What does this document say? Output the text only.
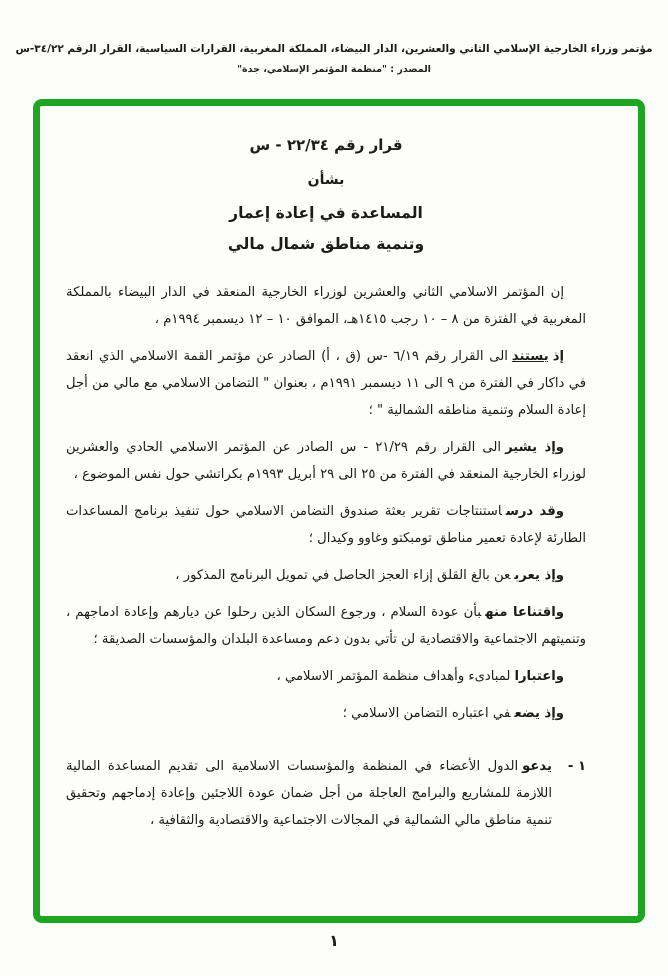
مؤتمر وزراء الخارجية الإسلامي الثاني والعشرين، الدار البيضاء، المملكة المغربية، القرارات السياسية، القرار الرقم ٣٤/٢٢-س
المصدر : "منظمة المؤتمر الإسلامي، جدة"
قرار رقم ٢٢/٣٤ - س
بشأن
المساعدة في إعادة إعمار
وتنمية مناطق شمال مالي

إن المؤتمر الاسلامي الثاني والعشرين لوزراء الخارجية المنعقد في الدار البيضاء بالمملكة المغربية في الفترة من ٨ – ١٠ رجب ١٤١٥هـ، الموافق ١٠ – ١٢ ديسمبر ١٩٩٤م ،

إذيستندالى القرار رقم ٦/١٩ -س (ق ، أ) الصادر عن مؤتمر القمة الاسلامي الذي انعقد في داكار في الفترة من ٩ الى ١١ ديسمبر ١٩٩١م ، بعنوان " التضامن الاسلامي مع مالي من أجل إعادة السلام وتنمية مناطقه الشمالية " ؛

وإذ يشيرالى القرار رقم ٢١/٢٩ - س الصادر عن المؤتمر الاسلامي الحادي والعشرين لوزراء الخارجية المنعقد في الفترة من ٢٥ الى ٢٩ أبريل ١٩٩٣م بكراتشي حول نفس الموضوع ،

وقد درساستنتاجات تقرير بعثة صندوق التضامن الاسلامي حول تنفيذ برنامج المساعدات الطارئة لإعادة تعمير مناطق تومبكتو وغاوو وكيدال ؛

وإذ يعربعن بالغ القلق إزاء العجز الحاصل في تمويل البرنامج المذكور ،

واقتناعا منهبأن عودة السلام ، ورجوع السكان الذين رحلوا عن ديارهم وإعادة ادماجهم ، وتنميتهم الاجتماعية والاقتصادية لن تأتي بدون دعم ومساعدة البلدان والمؤسسات الصديقة ؛

واعتبارالمبادىء وأهداف منظمة المؤتمر الاسلامي ،

وإذ يضعفي اعتباره التضامن الاسلامي ؛

١ -
يدعوالدول الأعضاء في المنظمة والمؤسسات الاسلامية الى تقديم المساعدة المالية اللازمة للمشاريع والبرامج العاجلة من أجل ضمان عودة اللاجئين وإعادة إدماجهم وتحقيق تنمية مناطق مالي الشمالية في المجالات الاجتماعية والاقتصادية والثقافية ،
١
